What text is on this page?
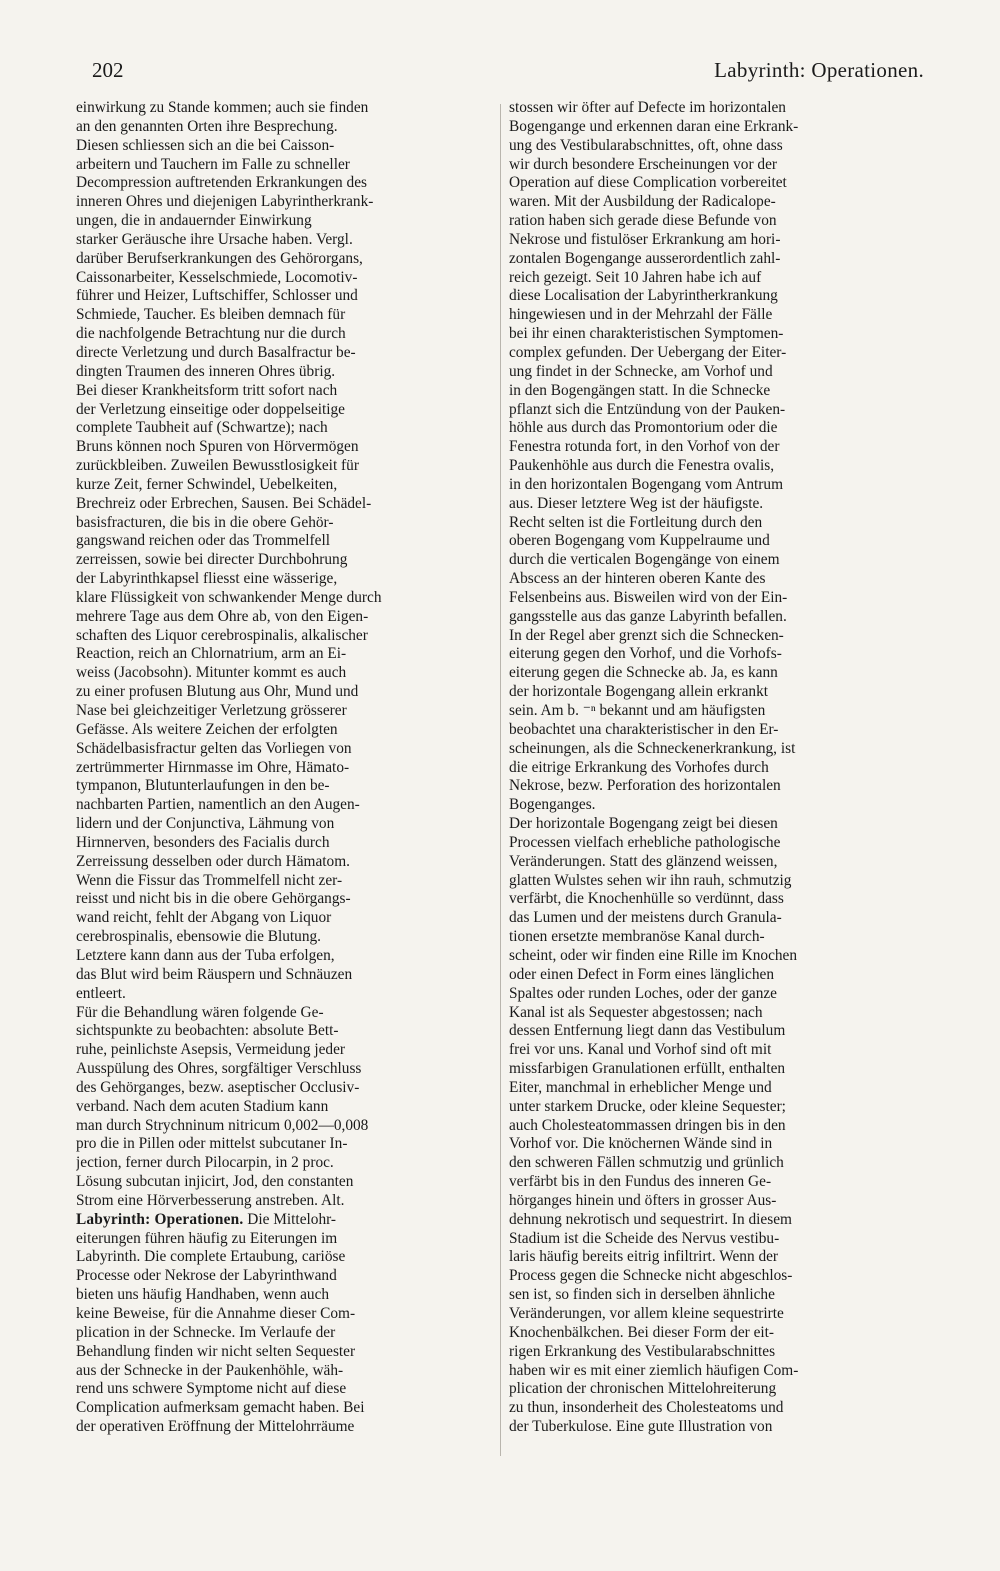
202	Labyrinth: Operationen.
einwirkung zu Stande kommen; auch sie finden
an den genannten Orten ihre Besprechung.
Diesen schliessen sich an die bei Caisson-
arbeitern und Tauchern im Falle zu schneller
Decompression auftretenden Erkrankungen des
inneren Ohres und diejenigen Labyrintherkrank-
ungen, die in andauernder Einwirkung
starker Geräusche ihre Ursache haben. Vergl.
darüber Berufserkrankungen des Gehörorgans,
Caissonarbeiter, Kesselschmiede, Locomotiv-
führer und Heizer, Luftschiffer, Schlosser und
Schmiede, Taucher. Es bleiben demnach für
die nachfolgende Betrachtung nur die durch
directe Verletzung und durch Basalfractur be-
dingten Traumen des inneren Ohres übrig.
Bei dieser Krankheitsform tritt sofort nach
der Verletzung einseitige oder doppelseitige
complete Taubheit auf (Schwartze); nach
Bruns können noch Spuren von Hörvermögen
zurückbleiben. Zuweilen Bewusstlosigkeit für
kurze Zeit, ferner Schwindel, Uebelkeiten,
Brechreiz oder Erbrechen, Sausen. Bei Schädel-
basisfracturen, die bis in die obere Gehör-
gangswand reichen oder das Trommelfell
zerreissen, sowie bei directer Durchbohrung
der Labyrinthkapsel fliesst eine wässerige,
klare Flüssigkeit von schwankender Menge durch
mehrere Tage aus dem Ohre ab, von den Eigen-
schaften des Liquor cerebrospinalis, alkalischer
Reaction, reich an Chlornatrium, arm an Ei-
weiss (Jacobsohn). Mitunter kommt es auch
zu einer profusen Blutung aus Ohr, Mund und
Nase bei gleichzeitiger Verletzung grösserer
Gefässe. Als weitere Zeichen der erfolgten
Schädelbasisfractur gelten das Vorliegen von
zertrümmerter Hirnmasse im Ohre, Hämato-
tympanon, Blutunterlaufungen in den be-
nachbarten Partien, namentlich an den Augen-
lidern und der Conjunctiva, Lähmung von
Hirnnerven, besonders des Facialis durch
Zerreissung desselben oder durch Hämatom.
Wenn die Fissur das Trommelfell nicht zer-
reisst und nicht bis in die obere Gehörgangs-
wand reicht, fehlt der Abgang von Liquor
cerebrospinalis, ebensowie die Blutung.
Letztere kann dann aus der Tuba erfolgen,
das Blut wird beim Räuspern und Schnäuzen
entleert.
Für die Behandlung wären folgende Ge-
sichtspunkte zu beobachten: absolute Bett-
ruhe, peinlichste Asepsis, Vermeidung jeder
Ausspülung des Ohres, sorgfältiger Verschluss
des Gehörganges, bezw. aseptischer Occlusiv-
verband. Nach dem acuten Stadium kann
man durch Strychninum nitricum 0,002—0,008
pro die in Pillen oder mittelst subcutaner In-
jection, ferner durch Pilocarpin, in 2 proc.
Lösung subcutan injicirt, Jod, den constanten
Strom eine Hörverbesserung anstreben. Alt.
Labyrinth: Operationen. Die Mittelohr-
eiterungen führen häufig zu Eiterungen im
Labyrinth. Die complete Ertaubung, cariöse
Processe oder Nekrose der Labyrinthwand
bieten uns häufig Handhaben, wenn auch
keine Beweise, für die Annahme dieser Com-
plication in der Schnecke. Im Verlaufe der
Behandlung finden wir nicht selten Sequester
aus der Schnecke in der Paukenhöhle, wäh-
rend uns schwere Symptome nicht auf diese
Complication aufmerksam gemacht haben. Bei
der operativen Eröffnung der Mittelohrräume
stossen wir öfter auf Defecte im horizontalen
Bogengange und erkennen daran eine Erkrank-
ung des Vestibularabschnittes, oft, ohne dass
wir durch besondere Erscheinungen vor der
Operation auf diese Complication vorbereitet
waren. Mit der Ausbildung der Radicalope-
ration haben sich gerade diese Befunde von
Nekrose und fistulöser Erkrankung am hori-
zontalen Bogengange ausserordentlich zahl-
reich gezeigt. Seit 10 Jahren habe ich auf
diese Localisation der Labyrintherkrankung
hingewiesen und in der Mehrzahl der Fälle
bei ihr einen charakteristischen Symptomen-
complex gefunden. Der Uebergang der Eiter-
ung findet in der Schnecke, am Vorhof und
in den Bogengängen statt. In die Schnecke
pflanzt sich die Entzündung von der Pauken-
höhle aus durch das Promontorium oder die
Fenestra rotunda fort, in den Vorhof von der
Paukenhöhle aus durch die Fenestra ovalis,
in den horizontalen Bogengang vom Antrum
aus. Dieser letztere Weg ist der häufigste.
Recht selten ist die Fortleitung durch den
oberen Bogengang vom Kuppelraume und
durch die verticalen Bogengänge von einem
Abscess an der hinteren oberen Kante des
Felsenbeins aus. Bisweilen wird von der Ein-
gangsstelle aus das ganze Labyrinth befallen.
In der Regel aber grenzt sich die Schnecken-
eiterung gegen den Vorhof, und die Vorhofs-
eiterung gegen die Schnecke ab. Ja, es kann
der horizontale Bogengang allein erkrankt
sein. Am b. ⁻ⁿ bekannt und am häufigsten
beobachtet una charakteristischer in den Er-
scheinungen, als die Schneckenerkrankung, ist
die eitrige Erkrankung des Vorhofes durch
Nekrose, bezw. Perforation des horizontalen
Bogenganges.
Der horizontale Bogengang zeigt bei diesen
Processen vielfach erhebliche pathologische
Veränderungen. Statt des glänzend weissen,
glatten Wulstes sehen wir ihn rauh, schmutzig
verfärbt, die Knochenhülle so verdünnt, dass
das Lumen und der meistens durch Granula-
tionen ersetzte membranöse Kanal durch-
scheint, oder wir finden eine Rille im Knochen
oder einen Defect in Form eines länglichen
Spaltes oder runden Loches, oder der ganze
Kanal ist als Sequester abgestossen; nach
dessen Entfernung liegt dann das Vestibulum
frei vor uns. Kanal und Vorhof sind oft mit
missfarbigen Granulationen erfüllt, enthalten
Eiter, manchmal in erheblicher Menge und
unter starkem Drucke, oder kleine Sequester;
auch Cholesteatommassen dringen bis in den
Vorhof vor. Die knöchernen Wände sind in
den schweren Fällen schmutzig und grünlich
verfärbt bis in den Fundus des inneren Ge-
hörganges hinein und öfters in grosser Aus-
dehnung nekrotisch und sequestrirt. In diesem
Stadium ist die Scheide des Nervus vestibu-
laris häufig bereits eitrig infiltrirt. Wenn der
Process gegen die Schnecke nicht abgeschlos-
sen ist, so finden sich in derselben ähnliche
Veränderungen, vor allem kleine sequestrirte
Knochenbälkchen. Bei dieser Form der eit-
rigen Erkrankung des Vestibularabschnittes
haben wir es mit einer ziemlich häufigen Com-
plication der chronischen Mittelohreiterung
zu thun, insonderheit des Cholesteatoms und
der Tuberkulose. Eine gute Illustration von
